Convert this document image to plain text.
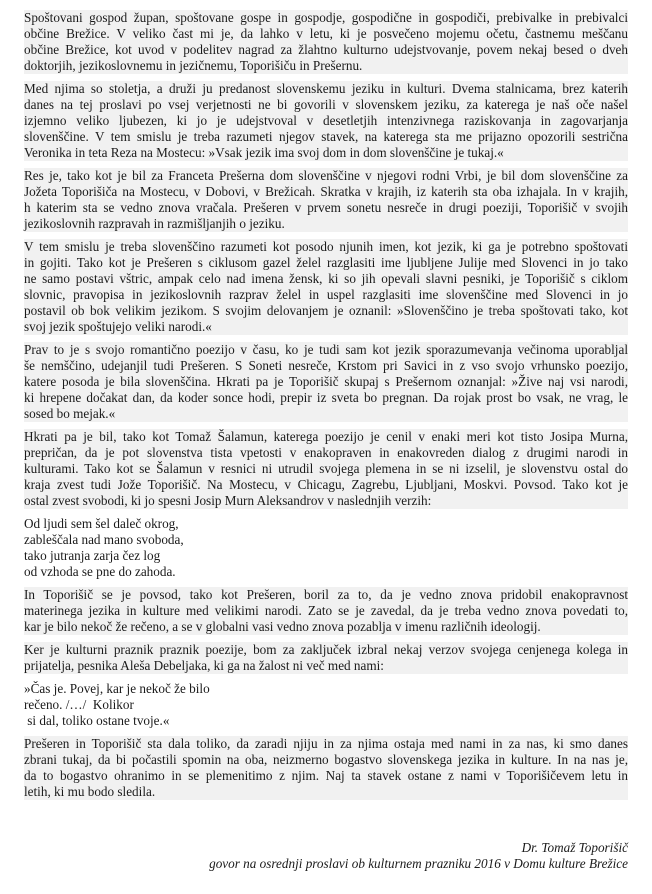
Spoštovani gospod župan, spoštovane gospe in gospodje, gospodične in gospodiči, prebivalke in prebivalci
občine Brežice. V veliko čast mi je, da lahko v letu, ki je posvečeno mojemu očetu, častnemu meščanu
občine Brežice, kot uvod v podelitev nagrad za žlahtno kulturno udejstvovanje, povem nekaj besed o dveh
doktorjih, jezikoslovnemu in jezičnemu, Toporišiču in Prešernu.
Med njima so stoletja, a druži ju predanost slovenskemu jeziku in kulturi. Dvema stalnicama, brez katerih
danes na tej proslavi po vsej verjetnosti ne bi govorili v slovenskem jeziku, za katerega je naš oče našel
izjemno veliko ljubezen, ki jo je udejstvoval v desetletjih intenzivnega raziskovanja in zagovarjanja
slovenščine. V tem smislu je treba razumeti njegov stavek, na katerega sta me prijazno opozorili sestrična
Veronika in teta Reza na Mostecu: »Vsak jezik ima svoj dom in dom slovenščine je tukaj.«
Res je, tako kot je bil za Franceta Prešerna dom slovenščine v njegovi rodni Vrbi, je bil dom slovenščine za
Jožeta Toporišiča na Mostecu, v Dobovi, v Brežicah. Skratka v krajih, iz katerih sta oba izhajala. In v krajih,
h katerim sta se vedno znova vračala. Prešeren v prvem sonetu nesreče in drugi poeziji, Toporišič v svojih
jezikoslovnih razpravah in razmišljanjih o jeziku.
V tem smislu je treba slovenščino razumeti kot posodo njunih imen, kot jezik, ki ga je potrebno spoštovati
in gojiti. Tako kot je Prešeren s ciklusom gazel želel razglasiti ime ljubljene Julije med Slovenci in jo tako
ne samo postavi vštric, ampak celo nad imena žensk, ki so jih opevali slavni pesniki, je Toporišič s ciklom
slovnic, pravopisa in jezikoslovnih razprav želel in uspel razglasiti ime slovenščine med Slovenci in jo
postavil ob bok velikim jezikom. S svojim delovanjem je oznanil: »Slovenščino je treba spoštovati tako, kot
svoj jezik spoštujejo veliki narodi.«
Prav to je s svojo romantično poezijo v času, ko je tudi sam kot jezik sporazumevanja večinoma uporabljal
še nemščino, udejanjil tudi Prešeren. S Soneti nesreče, Krstom pri Savici in z vso svojo vrhunsko poezijo,
katere posoda je bila slovenščina. Hkrati pa je Toporišič skupaj s Prešernom oznanjal: »Žive naj vsi narodi,
ki hrepene dočakat dan, da koder sonce hodi, prepir iz sveta bo pregnan. Da rojak prost bo vsak, ne vrag, le
sosed bo mejak.«
Hkrati pa je bil, tako kot Tomaž Šalamun, katerega poezijo je cenil v enaki meri kot tisto Josipa Murna,
prepričan, da je pot slovenstva tista vpetosti v enakopraven in enakovreden dialog z drugimi narodi in
kulturami. Tako kot se Šalamun v resnici ni utrudil svojega plemena in se ni izselil, je slovenstvu ostal do
kraja zvest tudi Jože Toporišič. Na Mostecu, v Chicagu, Zagrebu, Ljubljani, Moskvi. Povsod. Tako kot je
ostal zvest svobodi, ki jo spesni Josip Murn Aleksandrov v naslednjih verzih:
Od ljudi sem šel daleč okrog,
zableščala nad mano svoboda,
tako jutranja zarja čez log
od vzhoda se pne do zahoda.
In Toporišič se je povsod, tako kot Prešeren, boril za to, da je vedno znova pridobil enakopravnost
materinega jezika in kulture med velikimi narodi. Zato se je zavedal, da je treba vedno znova povedati to,
kar je bilo nekoč že rečeno, a se v globalni vasi vedno znova pozablja v imenu različnih ideologij.
Ker je kulturni praznik praznik poezije, bom za zaključek izbral nekaj verzov svojega cenjenega kolega in
prijatelja, pesnika Aleša Debeljaka, ki ga na žalost ni več med nami:
»Čas je. Povej, kar je nekoč že bilo
rečeno. /…/  Kolikor
si dal, toliko ostane tvoje.«
Prešeren in Toporišič sta dala toliko, da zaradi njiju in za njima ostaja med nami in za nas, ki smo danes
zbrani tukaj, da bi počastili spomin na oba, neizmerno bogastvo slovenskega jezika in kulture. In na nas je,
da to bogastvo ohranimo in se plemenitimo z njim. Naj ta stavek ostane z nami v Toporišičevem letu in
letih, ki mu bodo sledila.
Dr. Tomaž Toporišič
govor na osrednji proslavi ob kulturnem prazniku 2016 v Domu kulture Brežice
